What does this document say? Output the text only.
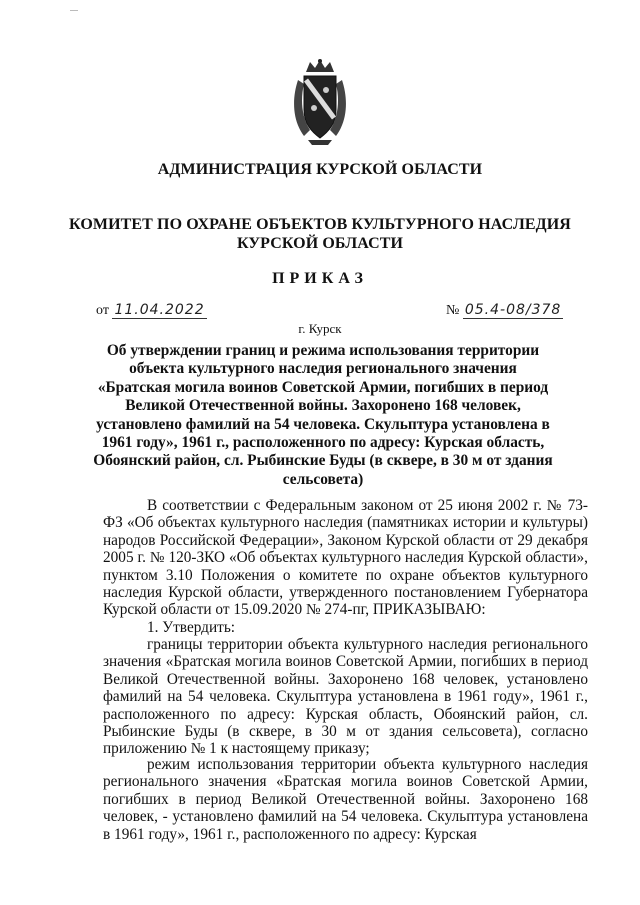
АДМИНИСТРАЦИЯ КУРСКОЙ ОБЛАСТИ
КОМИТЕТ ПО ОХРАНЕ ОБЪЕКТОВ КУЛЬТУРНОГО НАСЛЕДИЯ
КУРСКОЙ ОБЛАСТИ
ПРИКАЗ
от 11.04.2022	№ 05.4-08/378
г. Курск
Об утверждении границ и режима использования территории объекта культурного наследия регионального значения «Братская могила воинов Советской Армии, погибших в период Великой Отечественной войны. Захоронено 168 человек, установлено фамилий на 54 человека. Скульптура установлена в 1961 году», 1961 г., расположенного по адресу: Курская область, Обоянский район, сл. Рыбинские Буды (в сквере, в 30 м от здания сельсовета)
В соответствии с Федеральным законом от 25 июня 2002 г. № 73-ФЗ «Об объектах культурного наследия (памятниках истории и культуры) народов Российской Федерации», Законом Курской области от 29 декабря 2005 г. № 120-ЗКО «Об объектах культурного наследия Курской области», пунктом 3.10 Положения о комитете по охране объектов культурного наследия Курской области, утвержденного постановлением Губернатора Курской области от 15.09.2020 № 274-пг, ПРИКАЗЫВАЮ:
1. Утвердить:
границы территории объекта культурного наследия регионального значения «Братская могила воинов Советской Армии, погибших в период Великой Отечественной войны. Захоронено 168 человек, установлено фамилий на 54 человека. Скульптура установлена в 1961 году», 1961 г., расположенного по адресу: Курская область, Обоянский район, сл. Рыбинские Буды (в сквере, в 30 м от здания сельсовета), согласно приложению № 1 к настоящему приказу;
режим использования территории объекта культурного наследия регионального значения «Братская могила воинов Советской Армии, погибших в период Великой Отечественной войны. Захоронено 168 человек, - установлено фамилий на 54 человека. Скульптура установлена в 1961 году», 1961 г., расположенного по адресу: Курская
